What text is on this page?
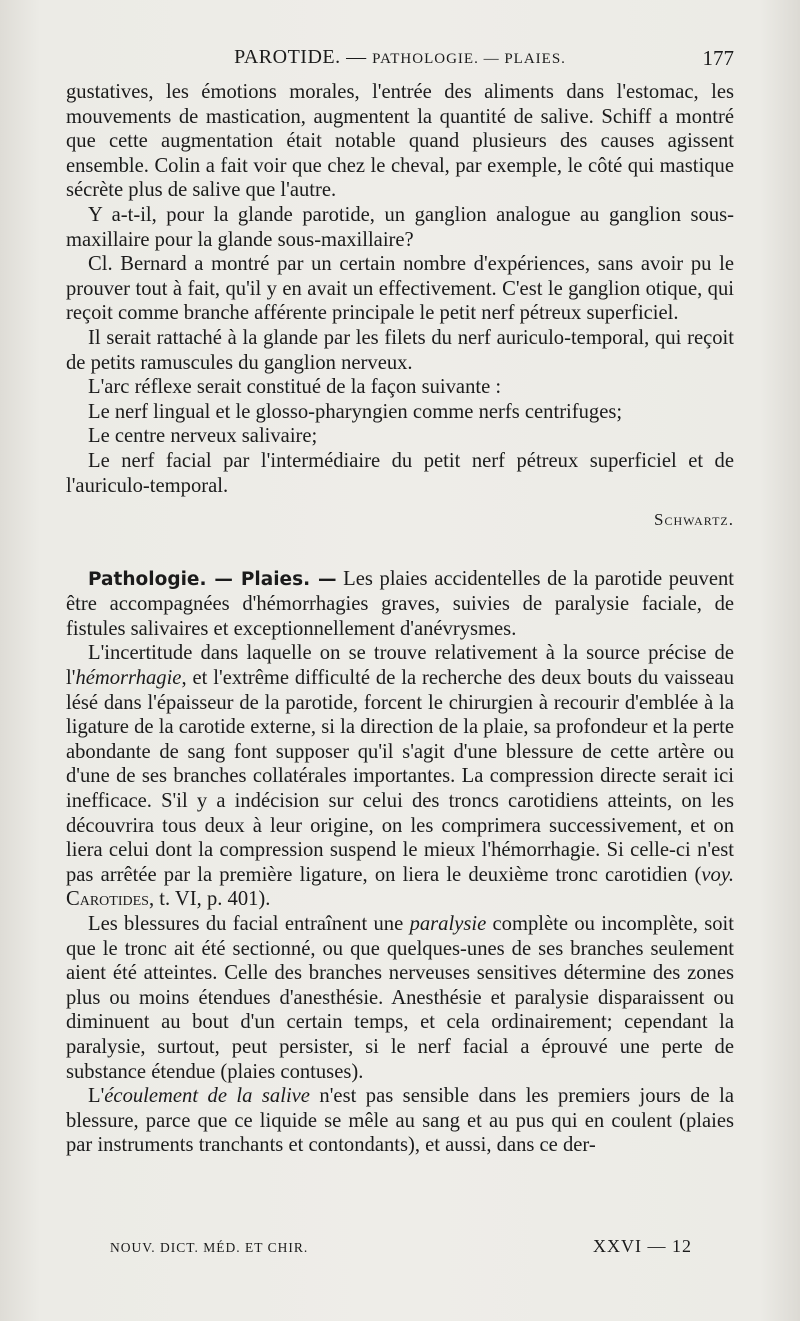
PAROTIDE. — PATHOLOGIE. — PLAIES.	177

gustatives, les émotions morales, l'entrée des aliments dans l'estomac, les mouvements de mastication, augmentent la quantité de salive. Schiff a montré que cette augmentation était notable quand plusieurs des causes agissent ensemble. Colin a fait voir que chez le cheval, par exemple, le côté qui mastique sécrète plus de salive que l'autre.

Y a-t-il, pour la glande parotide, un ganglion analogue au ganglion sous-maxillaire pour la glande sous-maxillaire?

Cl. Bernard a montré par un certain nombre d'expériences, sans avoir pu le prouver tout à fait, qu'il y en avait un effectivement. C'est le ganglion otique, qui reçoit comme branche afférente principale le petit nerf pétreux superficiel.

Il serait rattaché à la glande par les filets du nerf auriculo-temporal, qui reçoit de petits ramuscules du ganglion nerveux.

L'arc réflexe serait constitué de la façon suivante :

Le nerf lingual et le glosso-pharyngien comme nerfs centrifuges;

Le centre nerveux salivaire;

Le nerf facial par l'intermédiaire du petit nerf pétreux superficiel et de l'auriculo-temporal.

Schwartz.

Pathologie. — Plaies. — Les plaies accidentelles de la parotide peuvent être accompagnées d'hémorrhagies graves, suivies de paralysie faciale, de fistules salivaires et exceptionnellement d'anévrysmes.

L'incertitude dans laquelle on se trouve relativement à la source précise de l'hémorrhagie, et l'extrême difficulté de la recherche des deux bouts du vaisseau lésé dans l'épaisseur de la parotide, forcent le chirurgien à recourir d'emblée à la ligature de la carotide externe, si la direction de la plaie, sa profondeur et la perte abondante de sang font supposer qu'il s'agit d'une blessure de cette artère ou d'une de ses branches collatérales importantes. La compression directe serait ici inefficace. S'il y a indécision sur celui des troncs carotidiens atteints, on les découvrira tous deux à leur origine, on les comprimera successivement, et on liera celui dont la compression suspend le mieux l'hémorrhagie. Si celle-ci n'est pas arrêtée par la première ligature, on liera le deuxième tronc carotidien (voy. Carotides, t. VI, p. 401).

Les blessures du facial entraînent une paralysie complète ou incomplète, soit que le tronc ait été sectionné, ou que quelques-unes de ses branches seulement aient été atteintes. Celle des branches nerveuses sensitives détermine des zones plus ou moins étendues d'anesthésie. Anesthésie et paralysie disparaissent ou diminuent au bout d'un certain temps, et cela ordinairement; cependant la paralysie, surtout, peut persister, si le nerf facial a éprouvé une perte de substance étendue (plaies contuses).

L'écoulement de la salive n'est pas sensible dans les premiers jours de la blessure, parce que ce liquide se mêle au sang et au pus qui en coulent (plaies par instruments tranchants et contondants), et aussi, dans ce der-

NOUV. DICT. MÉD. ET CHIR.	XXVI — 12
